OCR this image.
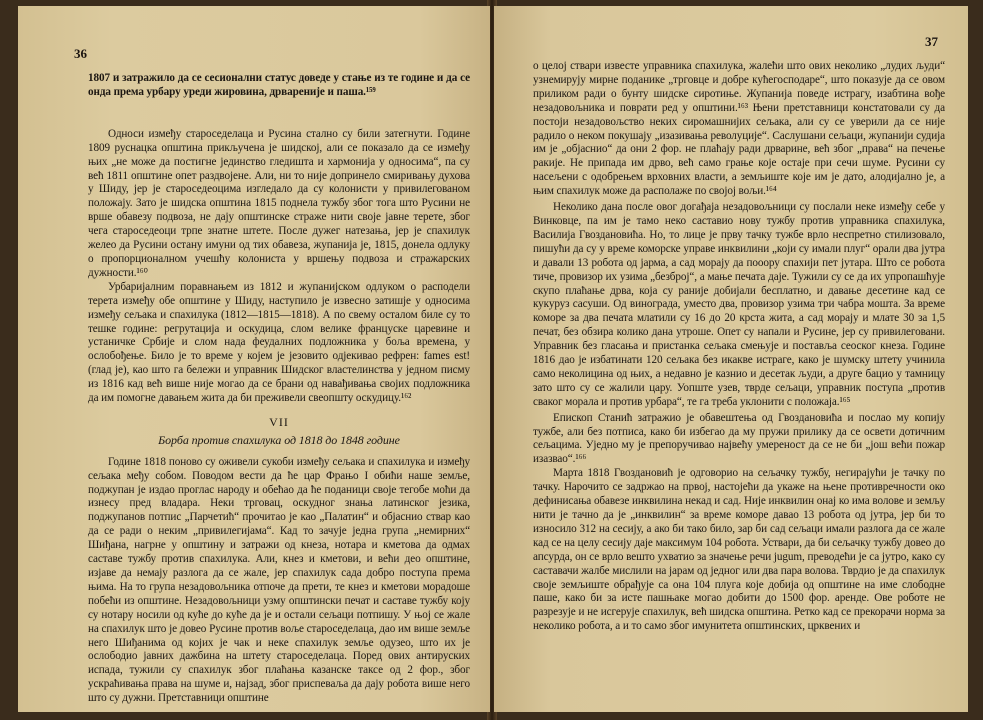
36
37

1807 и затражило да се сесионални статус доведе у стање из те године и да се онда према урбару уреди жировина, дрвареније и паша.¹⁵⁹

Односи између староседелаца и Русина стално су били затегнути. Године 1809 руснацка општина прикључена је шидској, али се показало да се између њих „не може да постигне јединство гледишта и хармонија у односима“, па су већ 1811 општине опет раздвојене. Али, ни то није допринело смиривању духова у Шиду, јер је староседеоцима изгледало да су колонисти у привилегованом положају. Зато је шидска општина 1815 поднела тужбу због тога што Русини не врше обавезу подвоза, не дају општинске страже нити своје јавне терете, због чега староседеоци трпе знатне штете. После дужег натезања, јер је спахилук желео да Русини остану имуни од тих обавеза, жупанија је, 1815, донела одлуку о пропорционалном учешћу колониста у вршењу подвоза и стражарских дужности.¹⁶⁰

Урбаријалним поравнањем из 1812 и жупанијском одлуком о расподели терета између обе општине у Шиду, наступило је извесно затишје у односима између сељака и спахилука (1812—1815—1818). А по свему осталом биле су то тешке године: регрутација и оскудица, слом велике француске царевине и устаничке Србије и слом нада феудалних подложника у боља времена, у ослобођење. Било је то време у којем је језовито одјекивао рефрен: fames est! (глад је), као што га бележи и управник Шидског властелинства у једном писму из 1816 кад већ више није могао да се брани од навађивања својих подложника да им помогне давањем жита да би преживели свеопшту оскудицу.¹⁶²

VII
Борба против спахилука од 1818 до 1848 године

Године 1818 поново су оживели сукоби између сељака и спахилука и између сељака међу собом. Поводом вести да ће цар Фрањо I обићи наше земље, поджупан је издао проглас народу и обећао да ће поданици своје тегобе моћи да изнесу пред владара. Неки трговац, оскудног знања латинског језика, поджупанов потпис „Парчетић“ прочитао је као „Палатин“ и објаснио ствар као да се ради о неким „привилегијама“. Кад то зачује једна група „немирних“ Шиђана, нагрне у општину и затражи од кнеза, нотара и кметова да одмах саставе тужбу против спахилука. Али, кнез и кметови, и већи део општине, изјаве да немају разлога да се жале, јер спахилук сада добро поступа према њима. На то група незадовољника отпоче да прети, те кнез и кметови морадоше побећи из општине. Незадовољници узму општински печат и саставе тужбу коју су нотару носили од куће до куће да је и остали сељаци потпишу. У њој се жале на спахилук што је довео Русине против воље староседелаца, дао им више земље него Шиђанима од којих је чак и неке спахилук земље одузео, што их је ослободио јавних дажбина на штету староседелаца. Поред ових антируских испада, тужили су спахилук због плаћања казанске таксе од 2 фор., због ускраћивања права на шуме и, најзад, због приспеваља да дају робота више него што су дужни. Претставници општине

о целој ствари известе управника спахилука, жалећи што ових неколико „лудих људи“ узнемирују мирне поданике „трговце и добре кућегосподаре“, што показује да се овом приликом ради о бунту шидске сиротиње. Жупанија поведе истрагу, изабтина вође незадовољника и поврати ред у општини.¹⁶³ Њени претставници констатовали су да постоји незадовољство неких сиромашнијих сељака, али су се уверили да се није радило о неком покушају „изазивања револуције“. Саслушани сељаци, жупанији судија им је „објаснио“ да они 2 фор. не плаћају ради дрварине, већ због „права“ на печење ракије. Не припада им дрво, већ само грање које остаје при сечи шуме. Русини су насељени с одобрењем врховних власти, а земљиште које им је дато, алодијално је, а њим спахилук може да располаже по својој вољи.¹⁶⁴

Неколико дана после овог догађаја незадовољници су послали неке између себе у Винковце, па им је тамо неко саставио нову тужбу против управника спахилука, Василија Гвоздановића. Но, то лице је прву тачку тужбе врло неспретно стилизовало, пишући да су у време коморске управе инквилини „који су имали плуг“ орали два јутра и давали 13 робота од јарма, а сад морају да пооору спахији пет јутара. Што се робота тиче, провизор их узима „безброј“, а мање печата даје. Тужили су се да их упропашћује скупо плаћање дрва, која су раније добијали бесплатно, и давање десетине кад се кукуруз сасуши. Од винограда, уместо два, провизор узима три чабра мошта. За време коморе за два печата млатили су 16 до 20 крста жита, а сад морају и млате 30 за 1,5 печат, без обзира колико дана утроше. Опет су напали и Русине, јер су привилеговани. Управник без гласања и пристанка сељака смењује и поставља сеоског кнеза. Године 1816 дао је избатинати 120 сељака без икакве истраге, како је шумску штету учинила само неколицина од њих, а недавно је казнио и десетак људи, а друге бацио у тамницу зато што су се жалили цару. Уопште узев, тврде сељаци, управник поступа „против сваког морала и против урбара“, те га треба уклонити с положаја.¹⁶⁵

Епископ Станић затражио је обавештења од Гвоздановића и послао му копију тужбе, али без потписа, како би избегао да му пружи прилику да се освети дотичним сељацима. Уједно му је препоручивао највећу умереност да се не би „још већи пожар изазвао“.¹⁶⁶

Марта 1818 Гвоздановић је одговорио на сељачку тужбу, негирајући је тачку по тачку. Нарочито се задржао на првој, настојећи да укаже на њене противречности око дефинисања обавезе инквилина некад и сад. Није инквилин онај ко има волове и земљу нити је тачно да је „инквилин“ за време коморе давао 13 робота од јутра, јер би то износило 312 на сесију, а ако би тако било, зар би сад сељаци имали разлога да се жале кад се на целу сесију даје максимум 104 робота. Уствари, да би сељачку тужбу довео до апсурда, он се врло вешто ухватио за значење речи jugum, преводећи је са јутро, како су саставачи жалбе мислили на јарам од једног или два пара волова. Тврдио је да спахилук своје земљиште обрађује са она 104 плуга које добија од општине на име слободне паше, како би за исте пашњаке могао добити до 1500 фор. аренде. Ове роботе не разрезује и не исгерује спахилук, већ шидска општина. Ретко кад се прекорачи норма за неколико робота, а и то само због имунитета општинских, црквених и
